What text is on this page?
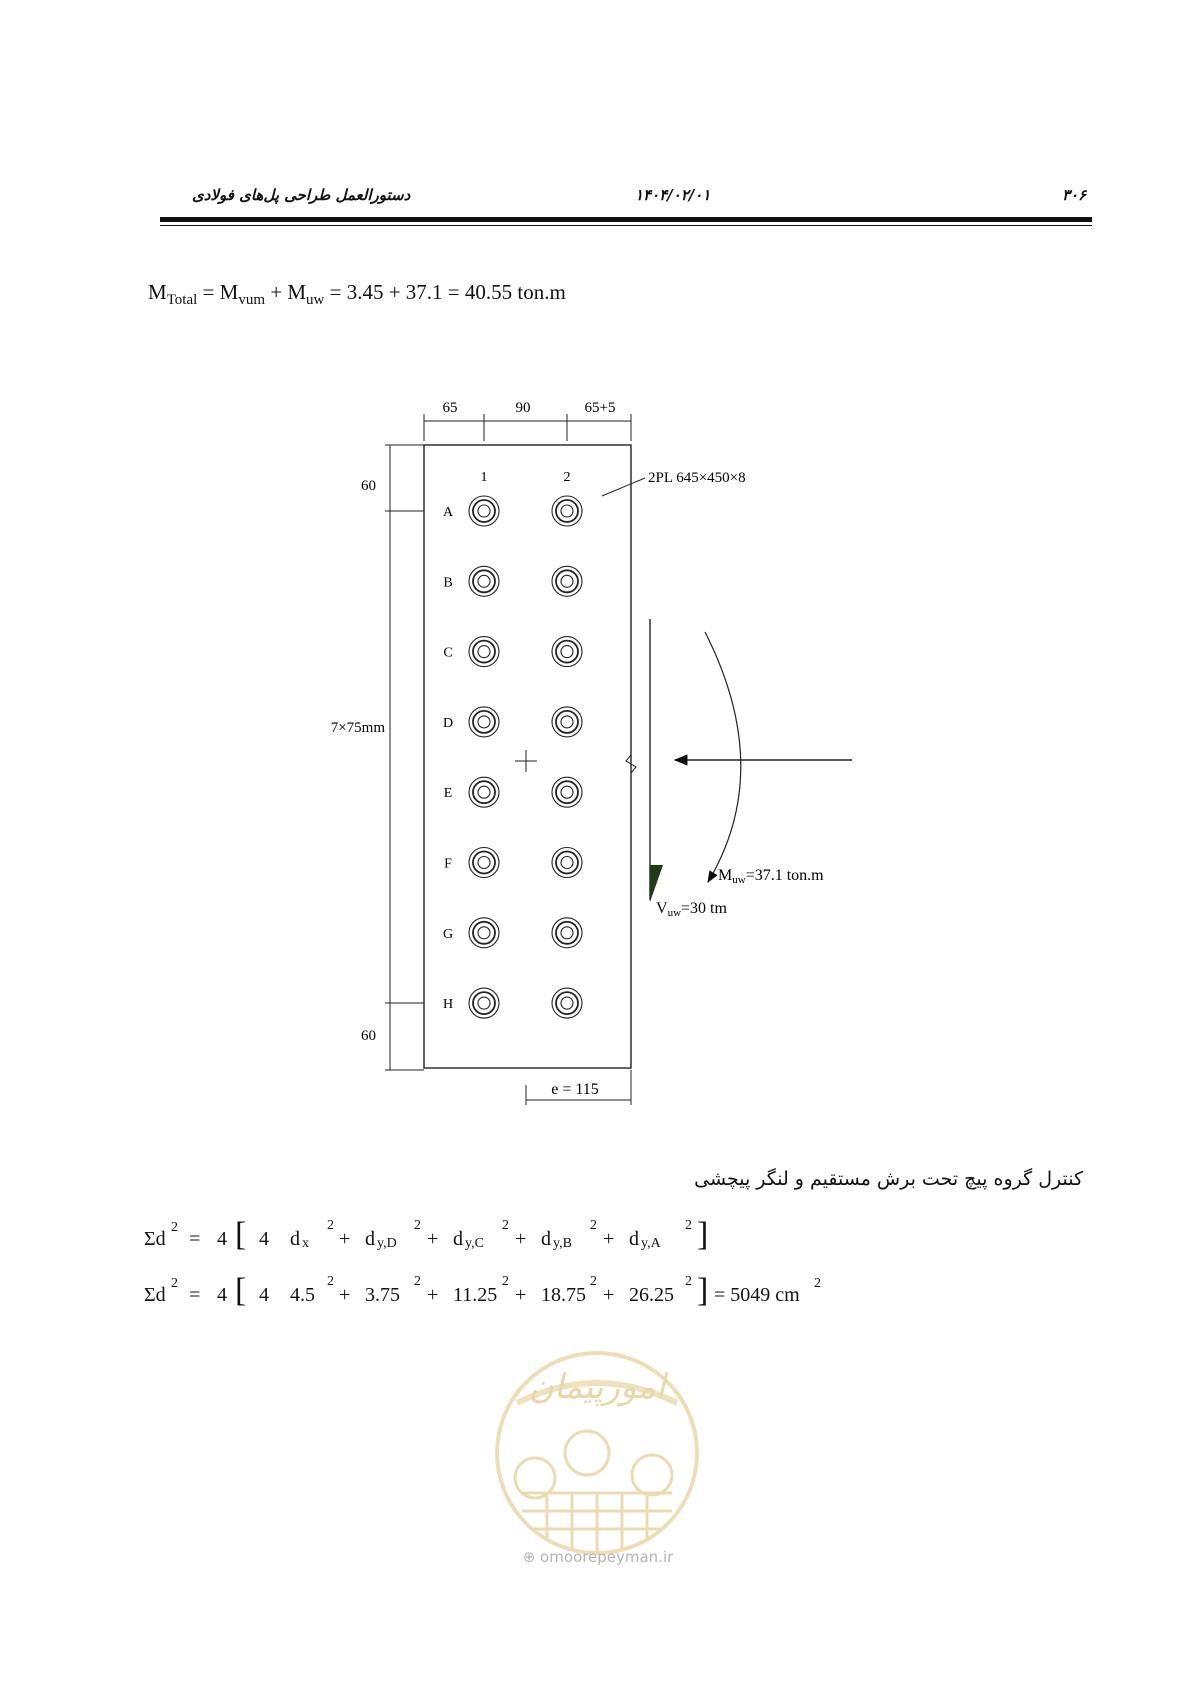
۳۰۶
۱۴۰۴/۰۲/۰۱
دستورالعمل طراحی پل‌های فولادی
$M_{Total} = M_{vum} + M_{uw} = 3.45 + 37.1 = 40.55$ ton.m
65	90	65+5
60
7×75mm
60
1	2	2PL 645×450×8
A
B
C
D
E
F
G
H
Muw=37.1 ton.m
Vuw=30 tm
e = 115
کنترل گروه پیچ تحت برش مستقیم و لنگر پیچشی
Σd
2
= 4 [ 4 d x
2
+ d y,D
2
+ d y,C
2
+ d y,B
2
+ d y,A
2 ]
Σd
2
= 4 [ 4 4.5
2
+ 3.75
2
+ 11.25
2
+ 18.75
2
+ 26.25
2 ] = 5049 cm
2
امورپیمان
⊕ omoorepeyman.ir
